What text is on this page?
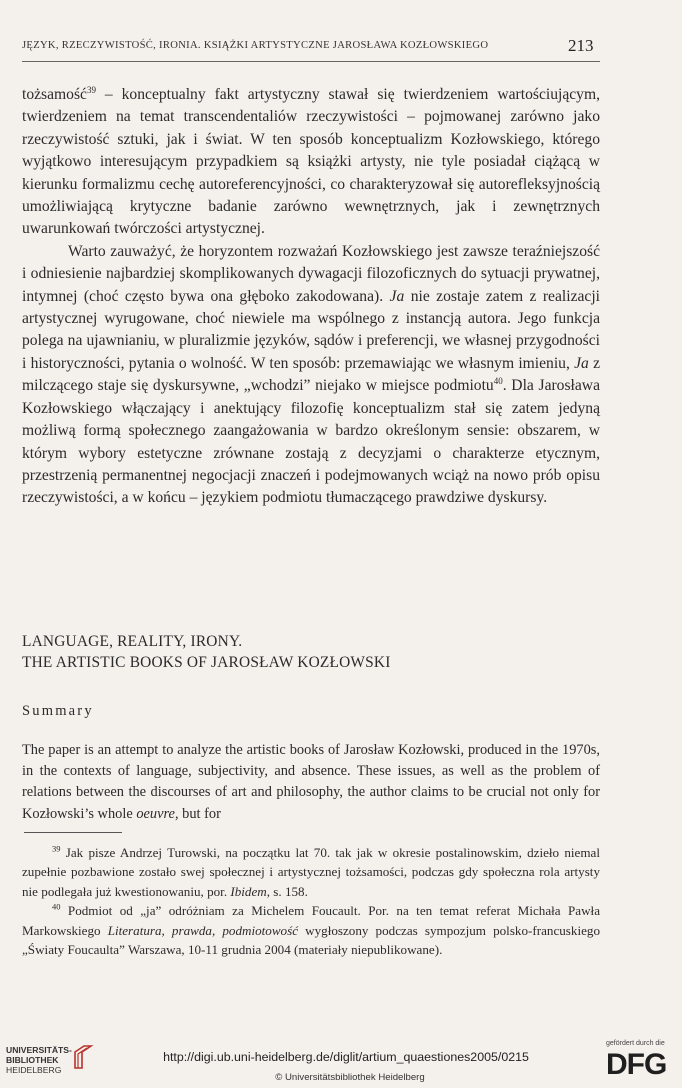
JĘZYK, RZECZYWISTOŚĆ, IRONIA. KSIĄŻKI ARTYSTYCZNE JAROSŁAWA KOZŁOWSKIEGO	213

tożsamość$^{39}$ – konceptualny fakt artystyczny stawał się twierdzeniem wartościującym, twierdzeniem na temat transcendentaliów rzeczywistości – pojmowanej zarówno jako rzeczywistość sztuki, jak i świat. W ten sposób konceptualizm Kozłowskiego, którego wyjątkowo interesującym przypadkiem są książki artysty, nie tyle posiadał ciążącą w kierunku formalizmu cechę autoreferencyjności, co charakteryzował się autorefleksyjnością umożliwiającą krytyczne badanie zarówno wewnętrznych, jak i zewnętrznych uwarunkowań twórczości artystycznej.

Warto zauważyć, że horyzontem rozważań Kozłowskiego jest zawsze teraźniejszość i odniesienie najbardziej skomplikowanych dywagacji filozoficznych do sytuacji prywatnej, intymnej (choć często bywa ona głęboko zakodowana). Ja nie zostaje zatem z realizacji artystycznej wyrugowane, choć niewiele ma wspólnego z instancją autora. Jego funkcja polega na ujawnianiu, w pluralizmie języków, sądów i preferencji, we własnej przygodności i historyczności, pytania o wolność. W ten sposób: przemawiając we własnym imieniu, Ja z milczącego staje się dyskursywne, „wchodzi” niejako w miejsce podmiotu$^{40}$. Dla Jarosława Kozłowskiego włączający i anektujący filozofię konceptualizm stał się zatem jedyną możliwą formą społecznego zaangażowania w bardzo określonym sensie: obszarem, w którym wybory estetyczne zrównane zostają z decyzjami o charakterze etycznym, przestrzenią permanentnej negocjacji znaczeń i podejmowanych wciąż na nowo prób opisu rzeczywistości, a w końcu – językiem podmiotu tłumaczącego prawdziwe dyskursy.

LANGUAGE, REALITY, IRONY.
THE ARTISTIC BOOKS OF JAROSŁAW KOZŁOWSKI
Summary

The paper is an attempt to analyze the artistic books of Jarosław Kozłowski, produced in the 1970s, in the contexts of language, subjectivity, and absence. These issues, as well as the problem of relations between the discourses of art and philosophy, the author claims to be crucial not only for Kozłowski’s whole oeuvre, but for

$^{39}$ Jak pisze Andrzej Turowski, na początku lat 70. tak jak w okresie postalinowskim, dzieło niemal zupełnie pozbawione zostało swej społecznej i artystycznej tożsamości, podczas gdy społeczna rola artysty nie podlegała już kwestionowaniu, por. Ibidem, s. 158.

$^{40}$ Podmiot od „ja” odróżniam za Michelem Foucault. Por. na ten temat referat Michała Pawła Markowskiego Literatura, prawda, podmiotowość wygłoszony podczas sympozjum polsko-francuskiego „Światy Foucaulta” Warszawa, 10-11 grudnia 2004 (materiały niepublikowane).

UNIVERSITÄTS-
BIBLIOTHEK
HEIDELBERG
http://digi.ub.uni-heidelberg.de/diglit/artium_quaestiones2005/0215
© Universitätsbibliothek Heidelberg
gefördert durch die
DFG
